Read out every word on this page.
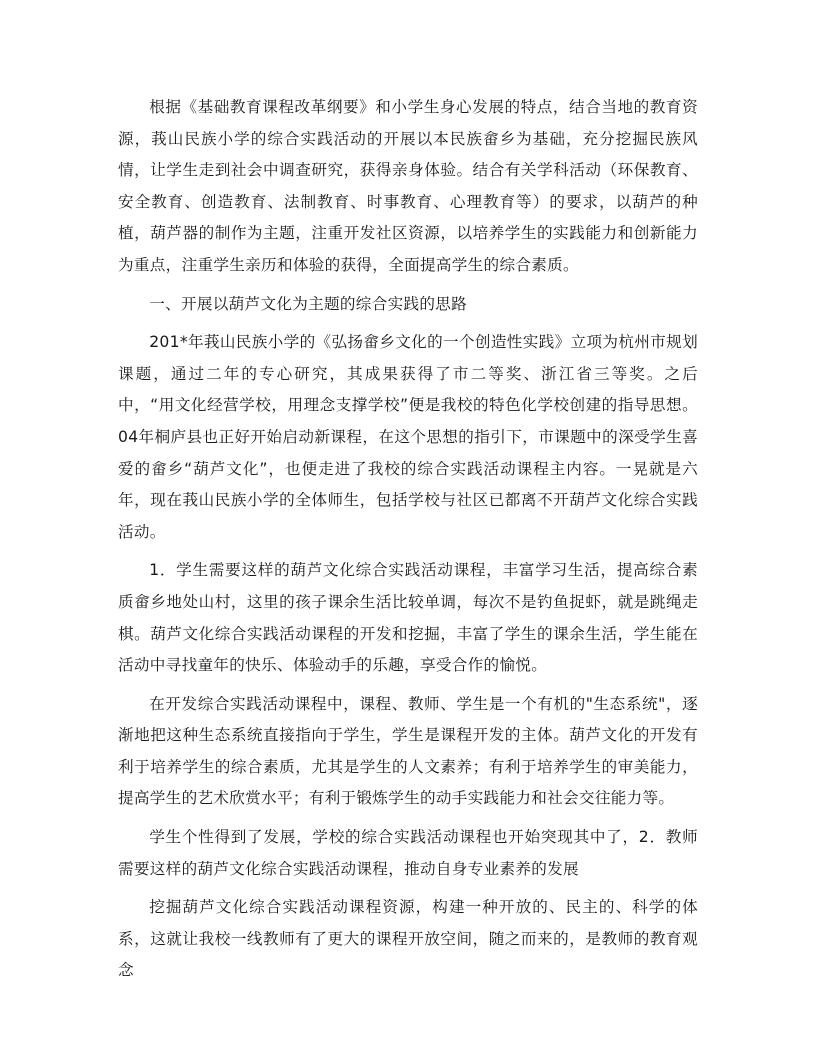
根据《基础教育课程改革纲要》和小学生身心发展的特点，结合当地的教育资源，莪山民族小学的综合实践活动的开展以本民族畲乡为基础，充分挖掘民族风情，让学生走到社会中调查研究，获得亲身体验。结合有关学科活动（环保教育、安全教育、创造教育、法制教育、时事教育、心理教育等）的要求，以葫芦的种植，葫芦器的制作为主题，注重开发社区资源，以培养学生的实践能力和创新能力为重点，注重学生亲历和体验的获得，全面提高学生的综合素质。

一、开展以葫芦文化为主题的综合实践的思路

201*年莪山民族小学的《弘扬畲乡文化的一个创造性实践》立项为杭州市规划课题，通过二年的专心研究，其成果获得了市二等奖、浙江省三等奖。之后中，“用文化经营学校，用理念支撑学校”便是我校的特色化学校创建的指导思想。04年桐庐县也正好开始启动新课程，在这个思想的指引下，市课题中的深受学生喜爱的畲乡“葫芦文化”，也便走进了我校的综合实践活动课程主内容。一晃就是六年，现在莪山民族小学的全体师生，包括学校与社区已都离不开葫芦文化综合实践活动。

1．学生需要这样的葫芦文化综合实践活动课程，丰富学习生活，提高综合素质畲乡地处山村，这里的孩子课余生活比较单调，每次不是钓鱼捉虾，就是跳绳走棋。葫芦文化综合实践活动课程的开发和挖掘，丰富了学生的课余生活，学生能在活动中寻找童年的快乐、体验动手的乐趣，享受合作的愉悦。

在开发综合实践活动课程中，课程、教师、学生是一个有机的"生态系统"，逐渐地把这种生态系统直接指向于学生，学生是课程开发的主体。葫芦文化的开发有利于培养学生的综合素质，尤其是学生的人文素养；有利于培养学生的审美能力，提高学生的艺术欣赏水平；有利于锻炼学生的动手实践能力和社会交往能力等。

学生个性得到了发展，学校的综合实践活动课程也开始突现其中了，2．教师需要这样的葫芦文化综合实践活动课程，推动自身专业素养的发展

挖掘葫芦文化综合实践活动课程资源，构建一种开放的、民主的、科学的体系，这就让我校一线教师有了更大的课程开放空间，随之而来的，是教师的教育观念
